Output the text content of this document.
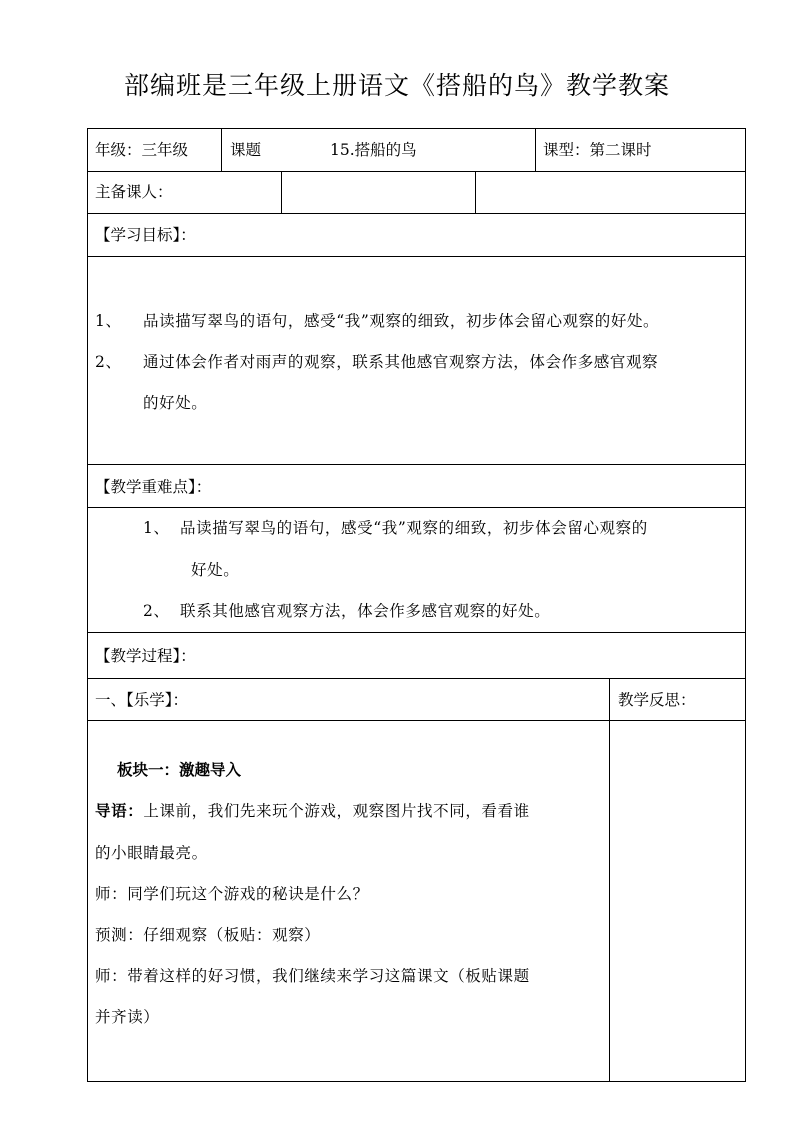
部编班是三年级上册语文《搭船的鸟》教学教案
年级：三年级	课题	15.搭船的鸟	课型：第二课时
主备课人：
【学习目标】：
1、 品读描写翠鸟的语句，感受“我”观察的细致，初步体会留心观察的好处。
2、 通过体会作者对雨声的观察，联系其他感官观察方法，体会作多感官观察
的好处。
【教学重难点】：
1、 品读描写翠鸟的语句，感受“我”观察的细致，初步体会留心观察的
好处。
2、 联系其他感官观察方法，体会作多感官观察的好处。
【教学过程】：
一、【乐学】：	教学反思：
板块一：激趣导入
导语：上课前，我们先来玩个游戏，观察图片找不同，看看谁
的小眼睛最亮。
师：同学们玩这个游戏的秘诀是什么？
预测：仔细观察（板贴：观察）
师：带着这样的好习惯，我们继续来学习这篇课文（板贴课题
并齐读）
